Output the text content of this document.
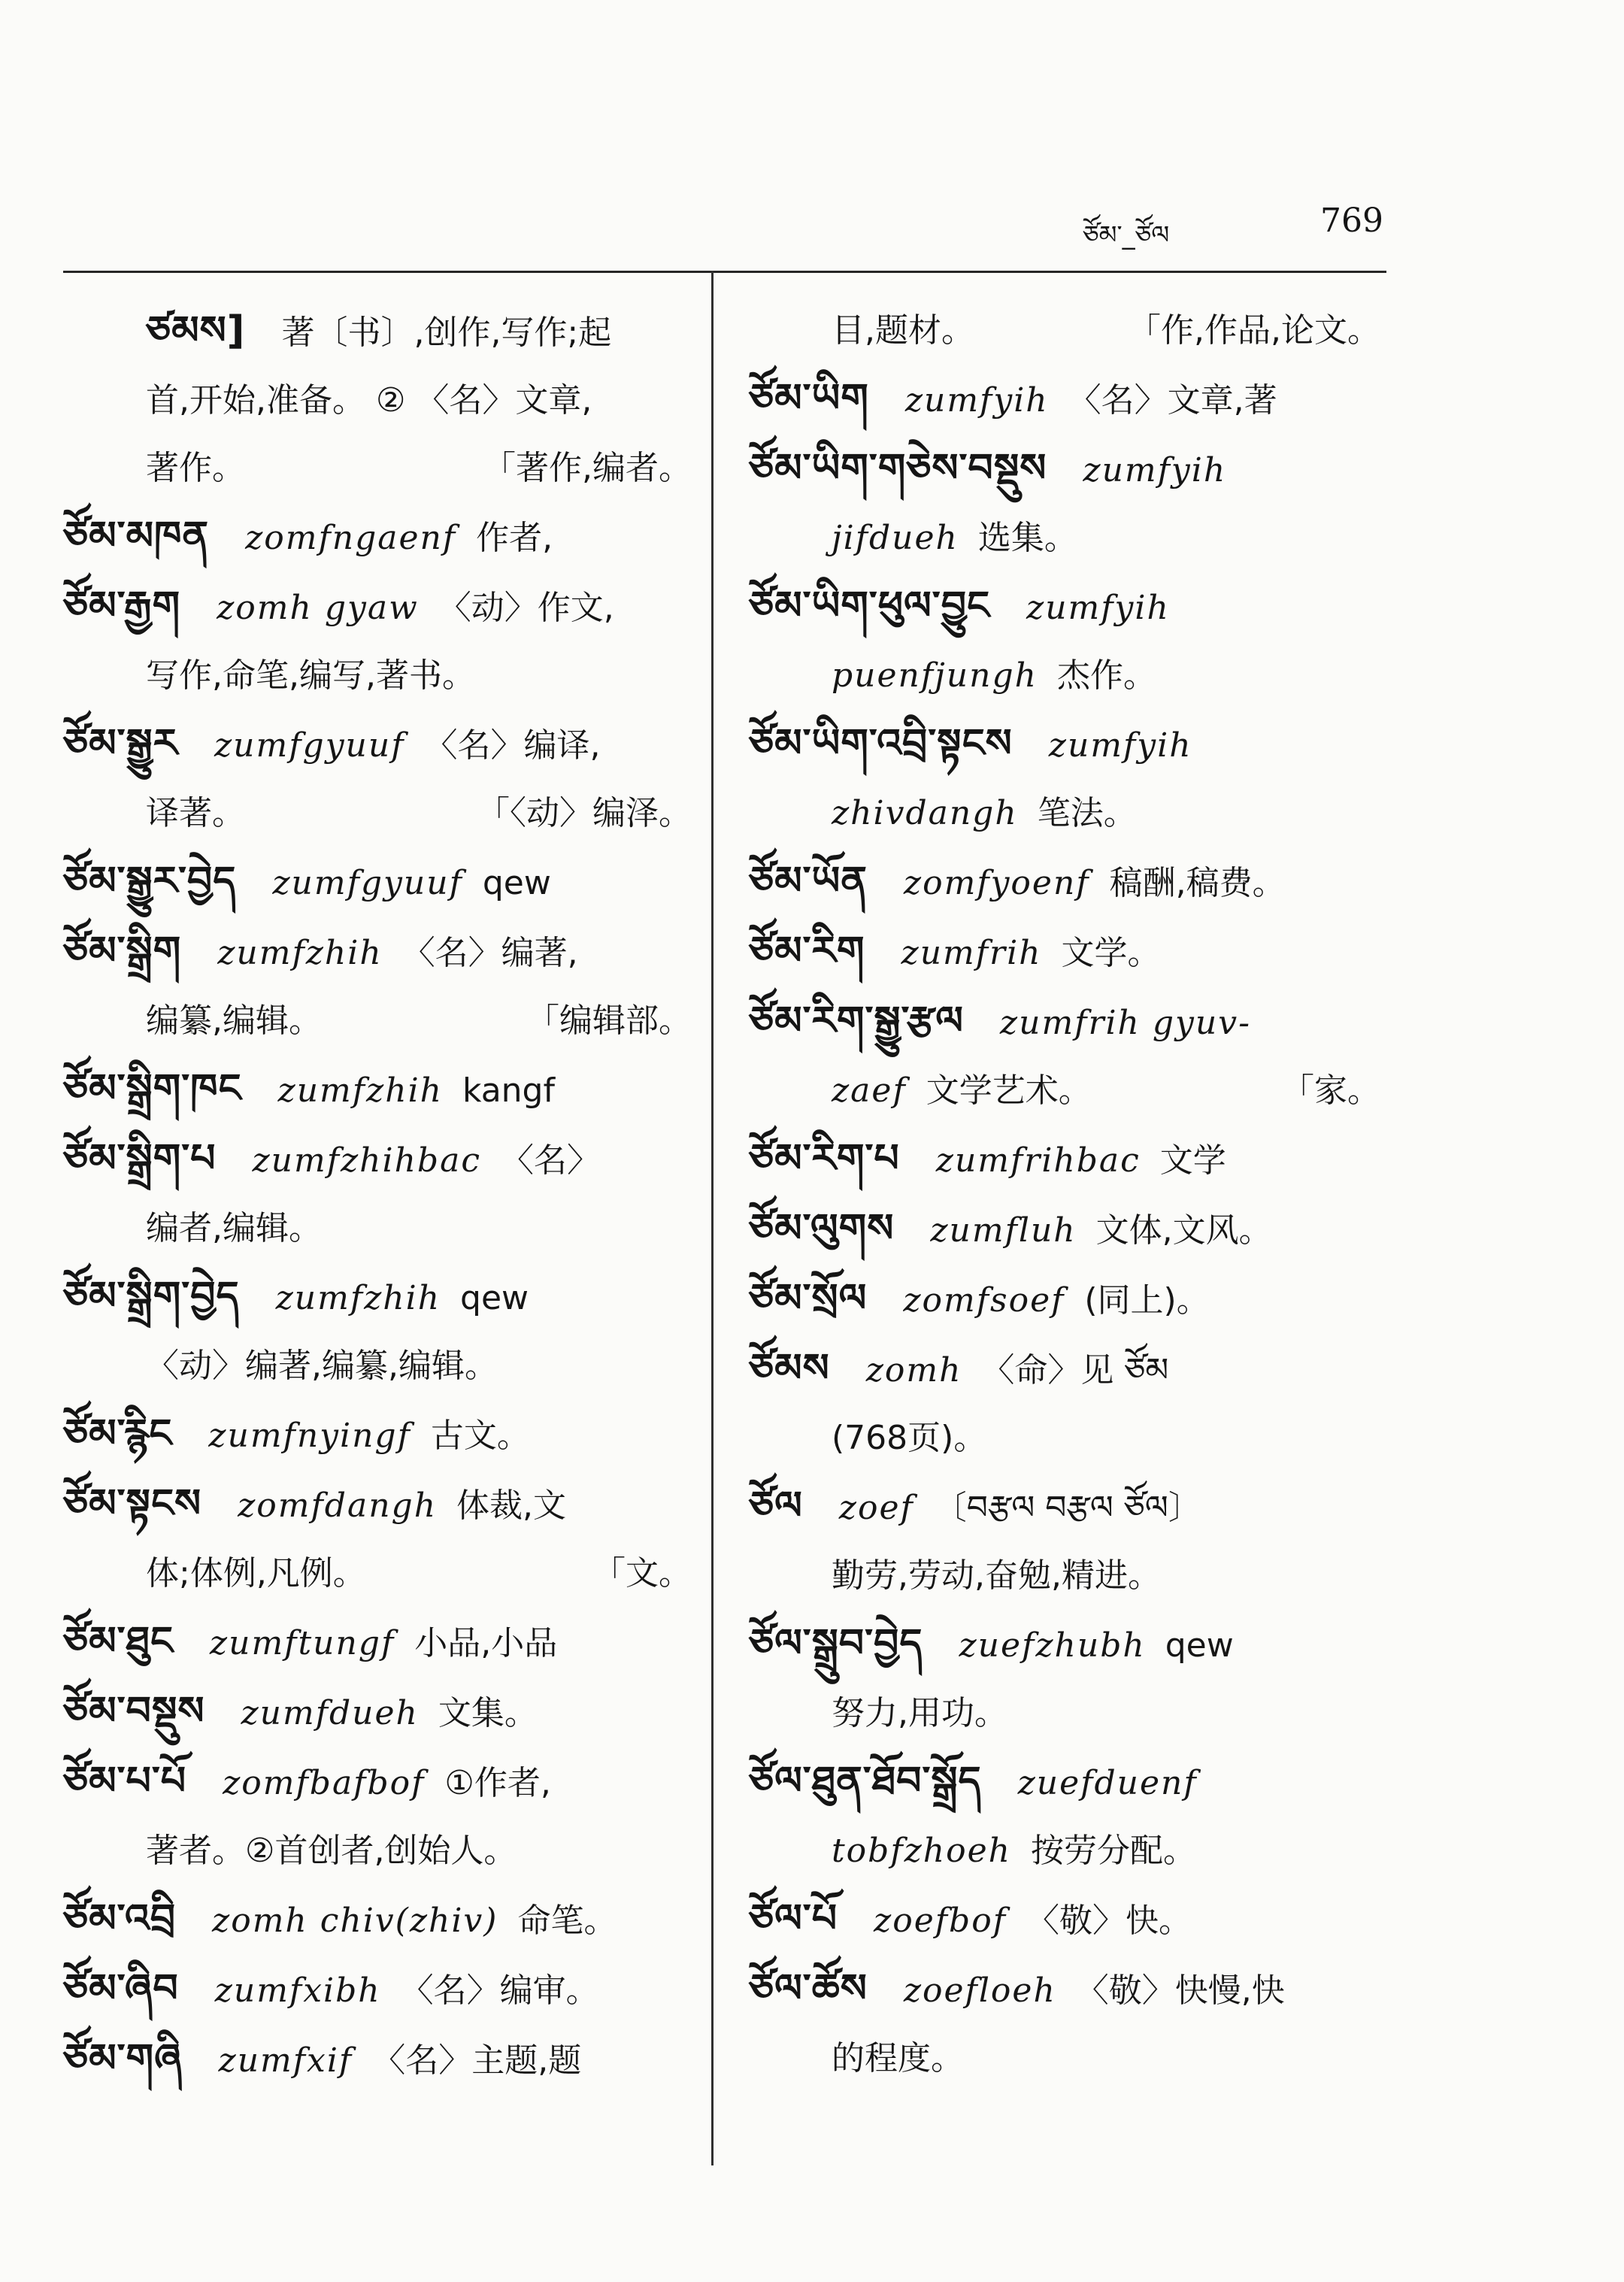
ཙོམ་_ཙོལ	769
ཙམས] 著〔书〕,创作,写作;起
首,开始,准备。 ② 〈名〉文章,
著作。	「著作,编者。
ཙོམ་མཁན zomfngaenf 作者,
ཙོམ་རྒྱག zomh gyaw 〈动〉作文,
写作,命笔,编写,著书。
ཙོམ་སྒྱུར zumfgyuuf 〈名〉编译,
译著。	「〈动〉编泽。
ཙོམ་སྒྱུར་བྱེད zumfgyuuf qew
ཙོམ་སྒྲིག zumfzhih 〈名〉编著,
编纂,编辑。	「编辑部。
ཙོམ་སྒྲིག་ཁང zumfzhih kangf
ཙོམ་སྒྲིག་པ zumfzhihbac 〈名〉
编者,编辑。
ཙོམ་སྒྲིག་བྱེད zumfzhih qew
〈动〉编著,编纂,编辑。
ཙོམ་རྙིང zumfnyingf 古文。
ཙོམ་སྟངས zomfdangh 体裁,文
体;体例,凡例。	「文。
ཙོམ་ཐུང zumftungf 小品,小品
ཙོམ་བསྡུས zumfdueh 文集。
ཙོམ་པ་པོ zomfbafbof ①作者,
著者。②首创者,创始人。
ཙོམ་འབྲི zomh chiv(zhiv) 命笔。
ཙོམ་ཞིབ zumfxibh 〈名〉编审。
ཙོམ་གཞི zumfxif 〈名〉主题,题
目,题材。	「作,作品,论文。
ཙོམ་ཡིག zumfyih 〈名〉文章,著
ཙོམ་ཡིག་གཅེས་བསྡུས zumfyih
jifdueh 选集。
ཙོམ་ཡིག་ཕུལ་བྱུང zumfyih
puenfjungh 杰作。
ཙོམ་ཡིག་འབྲི་སྟངས zumfyih
zhivdangh 笔法。
ཙོམ་ཡོན zomfyoenf 稿酬,稿费。
ཙོམ་རིག zumfrih 文学。
ཙོམ་རིག་སྒྱུ་རྩལ zumfrih gyuv-
zaef 文学艺术。	「家。
ཙོམ་རིག་པ zumfrihbac 文学
ཙོམ་ལུགས zumfluh 文体,文风。
ཙོམ་སྲོལ zomfsoef (同上)。
ཙོམས zomh 〈命〉见 ཙོམ
(768页)。
ཙོལ zoef 〔བརྩལ བརྩལ ཙོལ〕
勤劳,劳动,奋勉,精进。
ཙོལ་སྒྲུབ་བྱེད zuefzhubh qew
努力,用功。
ཙོལ་ཐུན་ཐོབ་སྒྲོད zuefduenf
tobfzhoeh 按劳分配。
ཙོལ་པོ zoefbof 〈敬〉快。
ཙོལ་ཚོས zoefloeh 〈敬〉快慢,快
的程度。
